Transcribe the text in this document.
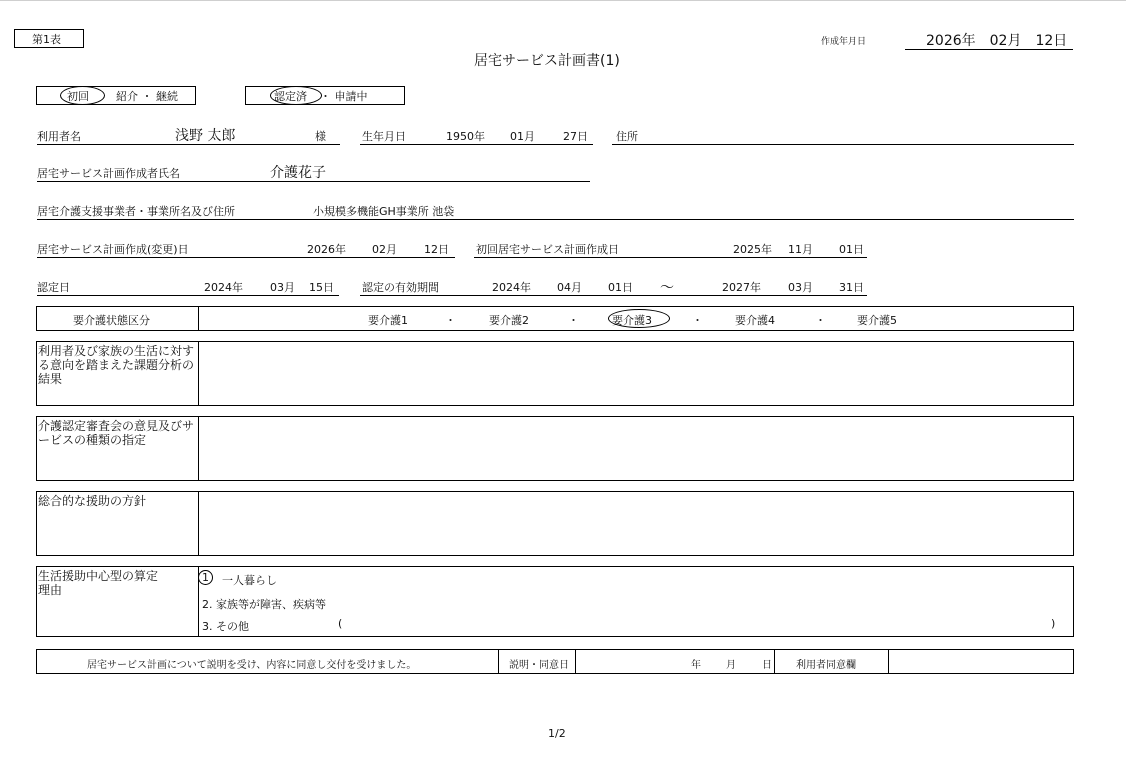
第1表
居宅サービス計画書(1)
作成年月日	2026年　02月　12日
初回 紹介 ・ 継続	認定済 ・ 申請中
利用者名	浅野 太郎	様	生年月日	1950年 01月	27日	住所
居宅サービス計画作成者氏名	介護花子
居宅介護支援事業者・事業所名及び住所	小規模多機能GH事業所 池袋
居宅サービス計画作成(変更)日	2026年 02月 12日 初回居宅サービス計画作成日	2025年 11月 01日
認定日	2024年 03月 15日	認定の有効期間	2024年 04月 01日 〜	2027年 03月 31日
要介護状態区分	要介護1	・	要介護2	・	要介護3	・	要介護4	・	要介護5
利用者及び家族の生活に対する意向を踏まえた課題分析の結果
介護認定審査会の意見及びサービスの種類の指定
総合的な援助の方針
生活援助中心型の算定理由
1 一人暮らし
2. 家族等が障害、疾病等
3. その他	(	)
居宅サービス計画について説明を受け、内容に同意し交付を受けました。	説明・同意日	年	月	日 利用者同意欄
1/2
